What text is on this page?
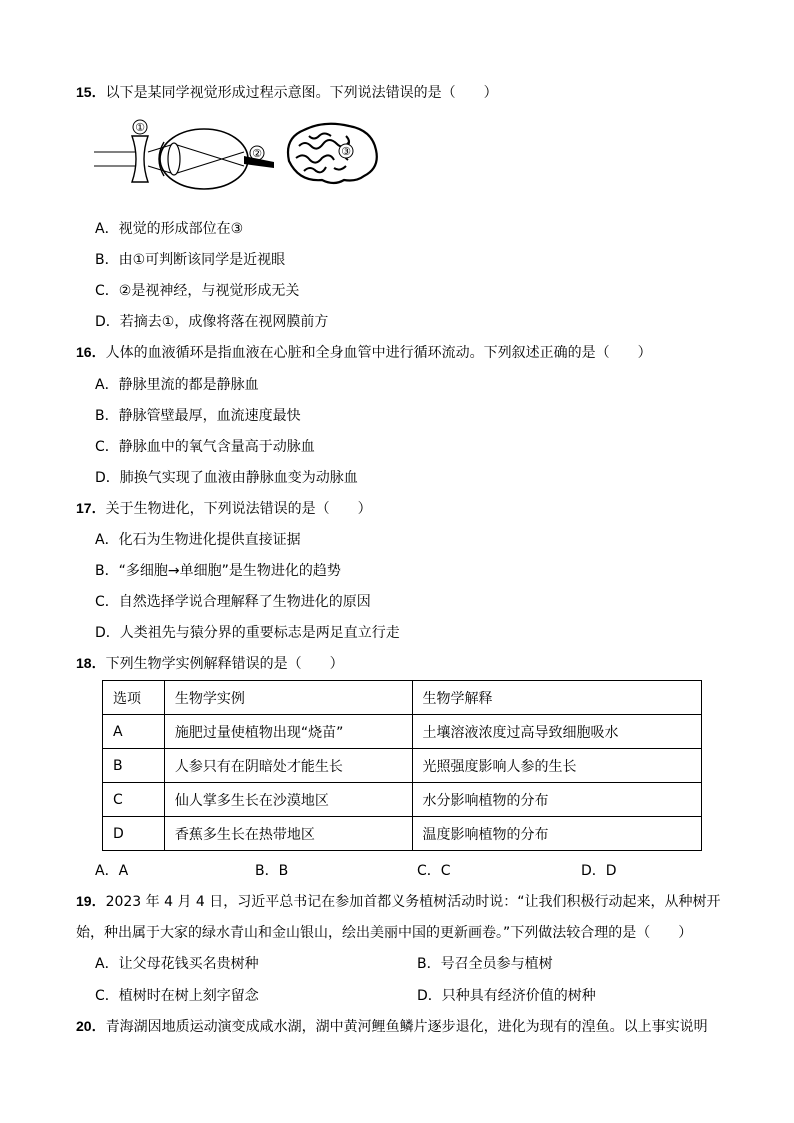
15．以下是某同学视觉形成过程示意图。下列说法错误的是（　　）
①
②	③
A．视觉的形成部位在③
B．由①可判断该同学是近视眼
C．②是视神经，与视觉形成无关
D．若摘去①，成像将落在视网膜前方
16．人体的血液循环是指血液在心脏和全身血管中进行循环流动。下列叙述正确的是（　　）
A．静脉里流的都是静脉血
B．静脉管壁最厚，血流速度最快
C．静脉血中的氧气含量高于动脉血
D．肺换气实现了血液由静脉血变为动脉血
17．关于生物进化，下列说法错误的是（　　）
A．化石为生物进化提供直接证据
B．“多细胞→单细胞”是生物进化的趋势
C．自然选择学说合理解释了生物进化的原因
D．人类祖先与猿分界的重要标志是两足直立行走
18．下列生物学实例解释错误的是（　　）
选项	生物学实例	生物学解释
A	施肥过量使植物出现“烧苗”	土壤溶液浓度过高导致细胞吸水
B	人参只有在阴暗处才能生长	光照强度影响人参的生长
C	仙人掌多生长在沙漠地区	水分影响植物的分布
D	香蕉多生长在热带地区	温度影响植物的分布
A．A	B．B	C．C	D．D
19．2023 年 4 月 4 日，习近平总书记在参加首都义务植树活动时说：“让我们积极行动起来，从种树开
始，种出属于大家的绿水青山和金山银山，绘出美丽中国的更新画卷。”下列做法较合理的是（　　）
A．让父母花钱买名贵树种	B．号召全员参与植树
C．植树时在树上刻字留念	D．只种具有经济价值的树种
20．青海湖因地质运动演变成咸水湖，湖中黄河鲤鱼鳞片逐步退化，进化为现有的湟鱼。以上事实说明
